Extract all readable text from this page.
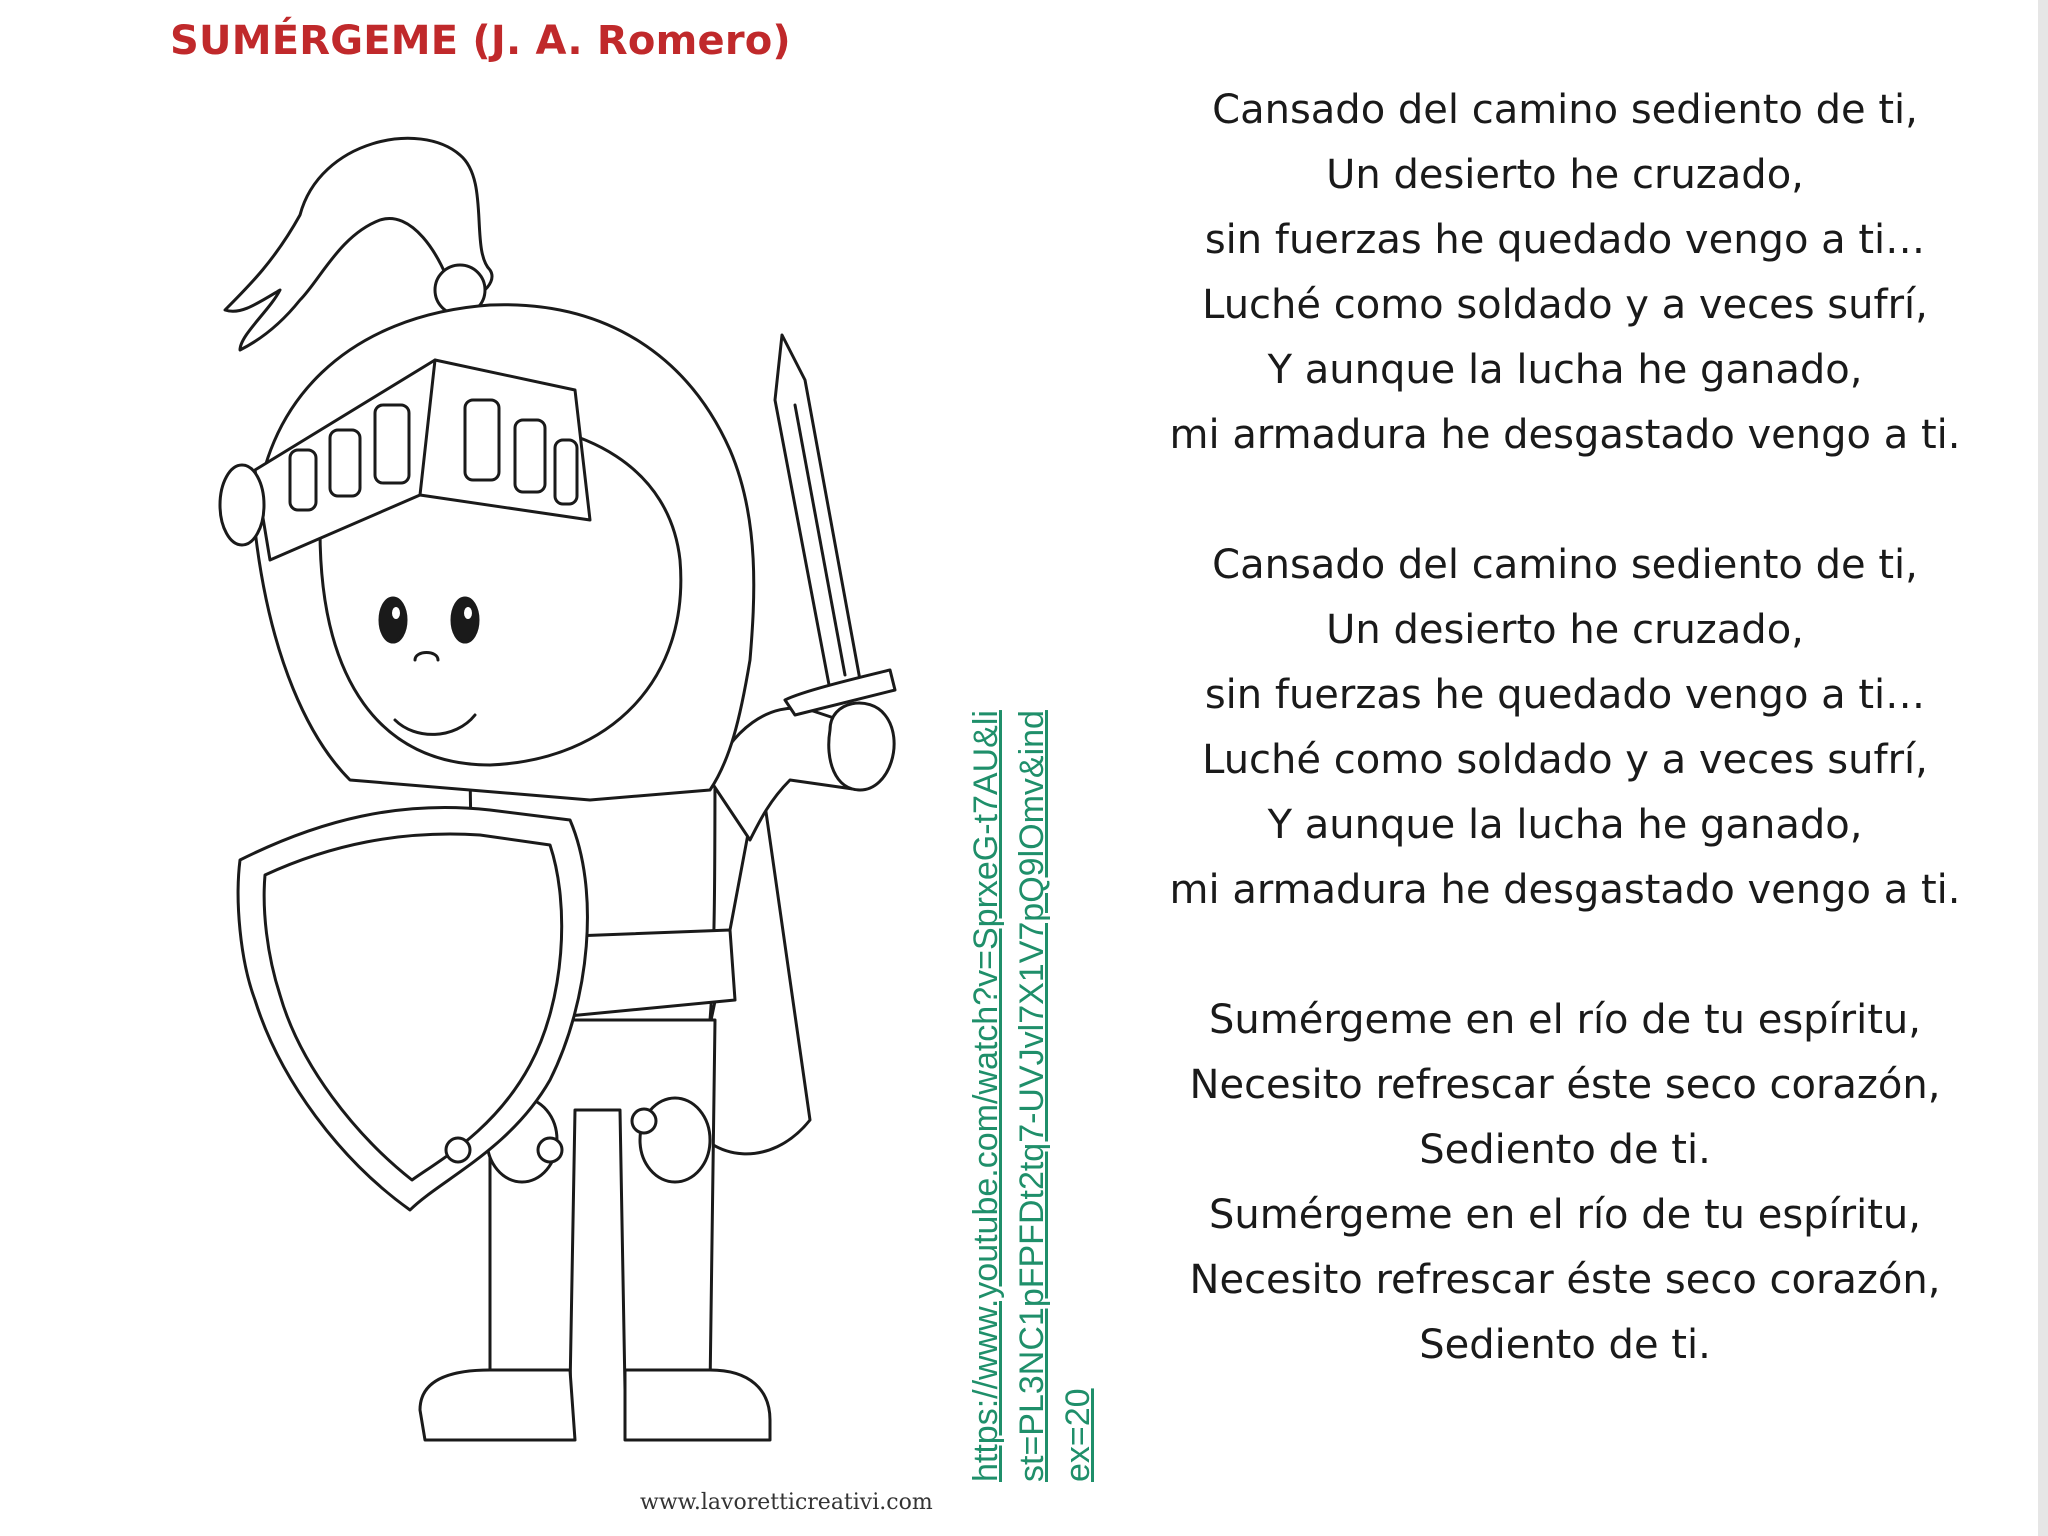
SUMÉRGEME (J. A. Romero)
Cansado del camino sediento de ti,
Un desierto he cruzado,
sin fuerzas he quedado vengo a ti…
Luché como soldado y a veces sufrí,
Y aunque la lucha he ganado,
mi armadura he desgastado vengo a ti.
Cansado del camino sediento de ti,
Un desierto he cruzado,
sin fuerzas he quedado vengo a ti…
Luché como soldado y a veces sufrí,
Y aunque la lucha he ganado,
mi armadura he desgastado vengo a ti.
Sumérgeme en el río de tu espíritu,
Necesito refrescar éste seco corazón,
Sediento de ti.
Sumérgeme en el río de tu espíritu,
Necesito refrescar éste seco corazón,
Sediento de ti.
https://www.youtube.com/watch?v=SprxeG-t7AU&list=PL3NC1pFPFDt2tq7-UVJvl7X1V7pQ9lOmv&index=20
www.lavoretticreativi.com
